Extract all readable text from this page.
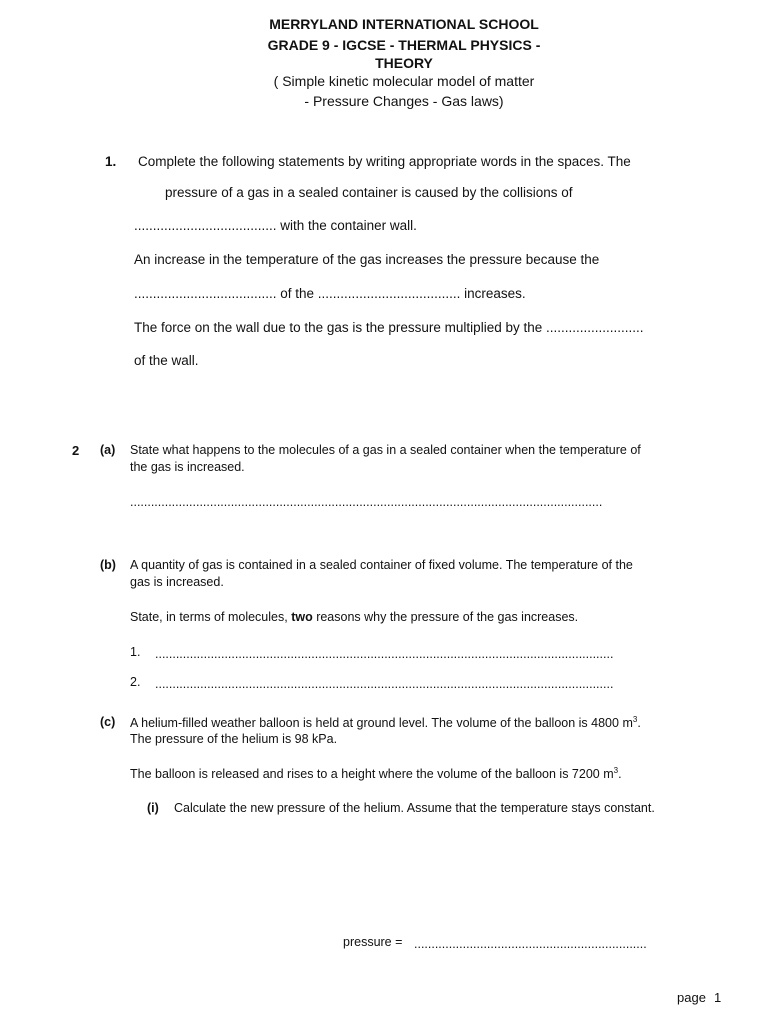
MERRYLAND INTERNATIONAL SCHOOL
GRADE 9 - IGCSE - THERMAL PHYSICS -
THEORY
( Simple kinetic molecular model of matter
- Pressure Changes - Gas laws)
1. Complete the following statements by writing appropriate words in the spaces. The
pressure of a gas in a sealed container is caused by the collisions of
...................................... with the container wall.
An increase in the temperature of the gas increases the pressure because the
...................................... of the ...................................... increases.
The force on the wall due to the gas is the pressure multiplied by the ..........................
of the wall.
2 (a) State what happens to the molecules of a gas in a sealed container when the temperature of
the gas is increased.
........................................................................................................................................
(b) A quantity of gas is contained in a sealed container of fixed volume. The temperature of the
gas is increased.
State, in terms of molecules, two reasons why the pressure of the gas increases.
1. ....................................................................................................................................
2. ....................................................................................................................................
(c) A helium-filled weather balloon is held at ground level. The volume of the balloon is 4800 $m^3$.
The pressure of the helium is 98 kPa.
The balloon is released and rises to a height where the volume of the balloon is 7200 $m^3$.
(i) Calculate the new pressure of the helium. Assume that the temperature stays constant.
pressure = ...................................................................
page 1
